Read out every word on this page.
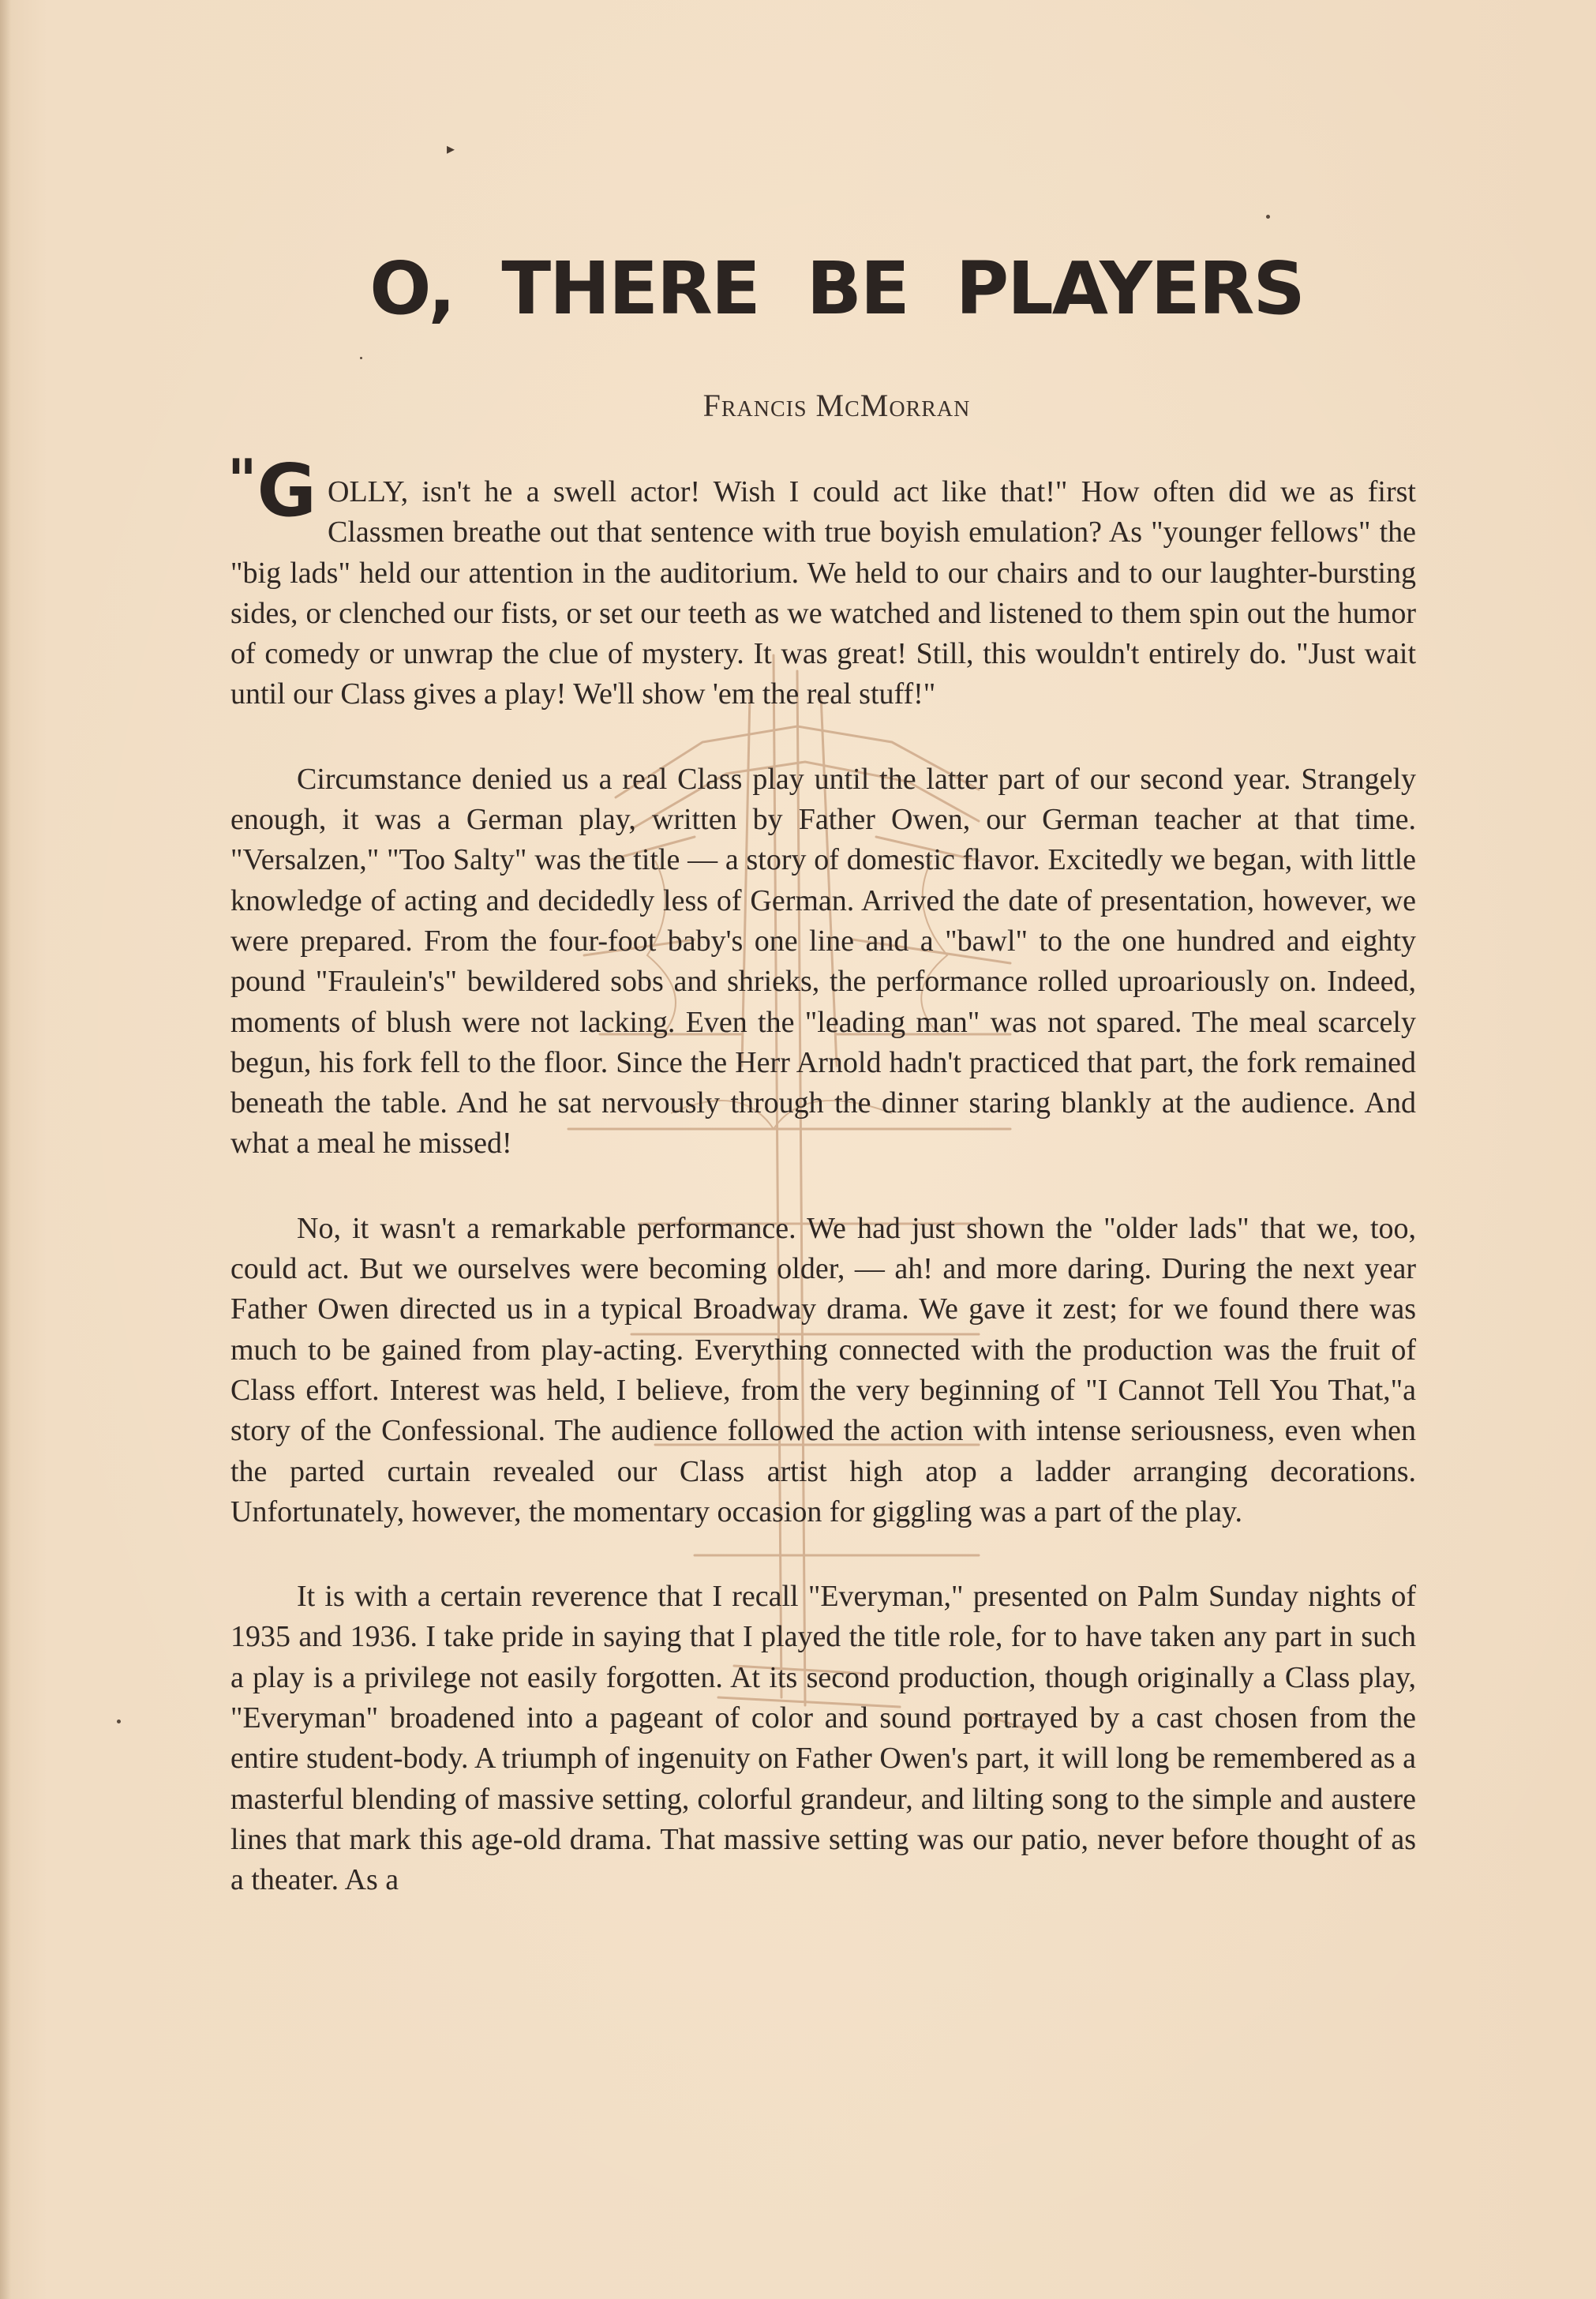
▸
O, THERE BE PLAYERS
Francis McMorran

"G OLLY, isn't he a swell actor! Wish I could act like that!" How often did we as first Classmen breathe out that sentence with true boyish emulation? As "younger fellows" the "big lads" held our attention in the auditorium. We held to our chairs and to our laughter-bursting sides, or clenched our fists, or set our teeth as we watched and listened to them spin out the humor of comedy or unwrap the clue of mystery. It was great! Still, this wouldn't entirely do. "Just wait until our Class gives a play! We'll show 'em the real stuff!"

Circumstance denied us a real Class play until the latter part of our second year. Strangely enough, it was a German play, written by Father Owen, our German teacher at that time. "Versalzen," "Too Salty" was the title — a story of domestic flavor. Excitedly we began, with little knowledge of acting and decidedly less of German. Arrived the date of presentation, however, we were prepared. From the four-foot baby's one line and a "bawl" to the one hundred and eighty pound "Fraulein's" bewildered sobs and shrieks, the performance rolled uproariously on. Indeed, moments of blush were not lacking. Even the "leading man" was not spared. The meal scarcely begun, his fork fell to the floor. Since the Herr Arnold hadn't practiced that part, the fork remained beneath the table. And he sat nervously through the dinner staring blankly at the audience. And what a meal he missed!

No, it wasn't a remarkable performance. We had just shown the "older lads" that we, too, could act. But we ourselves were becoming older, — ah! and more daring. During the next year Father Owen directed us in a typical Broadway drama. We gave it zest; for we found there was much to be gained from play-acting. Everything connected with the production was the fruit of Class effort. Interest was held, I believe, from the very beginning of "I Cannot Tell You That,"a story of the Confessional. The audience followed the action with intense seriousness, even when the parted curtain revealed our Class artist high atop a ladder arranging decorations. Unfortunately, however, the momentary occasion for giggling was a part of the play.

It is with a certain reverence that I recall "Everyman," presented on Palm Sunday nights of 1935 and 1936. I take pride in saying that I played the title role, for to have taken any part in such a play is a privilege not easily forgotten. At its second production, though originally a Class play, "Everyman" broadened into a pageant of color and sound portrayed by a cast chosen from the entire student-body. A triumph of ingenuity on Father Owen's part, it will long be remembered as a masterful blending of massive setting, colorful grandeur, and lilting song to the simple and austere lines that mark this age-old drama. That massive setting was our patio, never before thought of as a theater. As a
